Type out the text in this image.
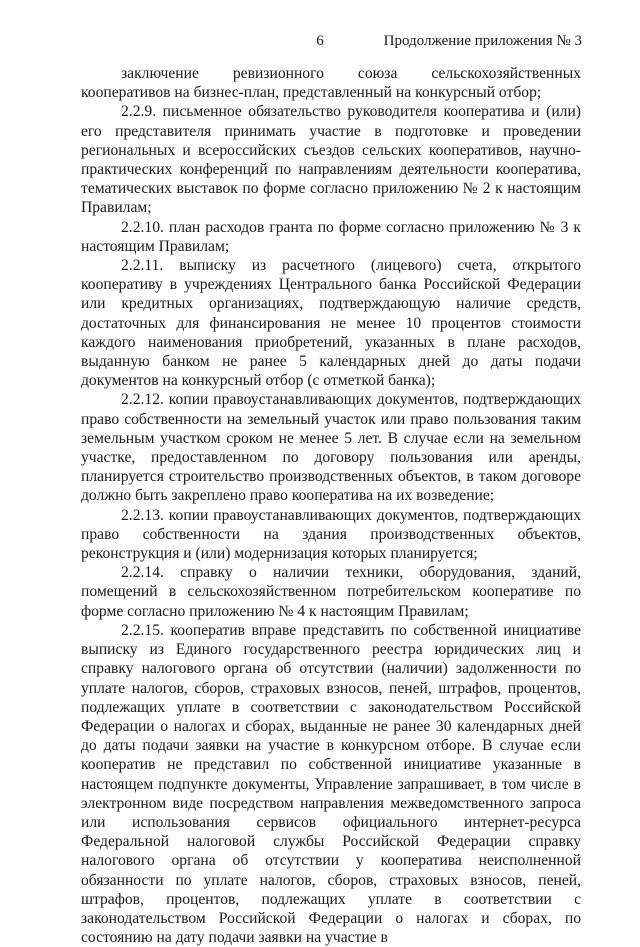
6	Продолжение приложения № 3

заключение ревизионного союза сельскохозяйственных кооперативов на бизнес-план, представленный на конкурсный отбор;

2.2.9. письменное обязательство руководителя кооператива и (или) его представителя принимать участие в подготовке и проведении региональных и всероссийских съездов сельских кооперативов, научно-практических конференций по направлениям деятельности кооператива, тематических выставок по форме согласно приложению № 2 к настоящим Правилам;

2.2.10. план расходов гранта по форме согласно приложению № 3 к настоящим Правилам;

2.2.11. выписку из расчетного (лицевого) счета, открытого кооперативу в учреждениях Центрального банка Российской Федерации или кредитных организациях, подтверждающую наличие средств, достаточных для финансирования не менее 10 процентов стоимости каждого наименования приобретений, указанных в плане расходов, выданную банком не ранее 5 календарных дней до даты подачи документов на конкурсный отбор (с отметкой банка);

2.2.12. копии правоустанавливающих документов, подтверждающих право собственности на земельный участок или право пользования таким земельным участком сроком не менее 5 лет. В случае если на земельном участке, предоставленном по договору пользования или аренды, планируется строительство производственных объектов, в таком договоре должно быть закреплено право кооператива на их возведение;

2.2.13. копии правоустанавливающих документов, подтверждающих право собственности на здания производственных объектов, реконструкция и (или) модернизация которых планируется;

2.2.14. справку о наличии техники, оборудования, зданий, помещений в сельскохозяйственном потребительском кооперативе по форме согласно приложению № 4 к настоящим Правилам;

2.2.15. кооператив вправе представить по собственной инициативе выписку из Единого государственного реестра юридических лиц и справку налогового органа об отсутствии (наличии) задолженности по уплате налогов, сборов, страховых взносов, пеней, штрафов, процентов, подлежащих уплате в соответствии с законодательством Российской Федерации о налогах и сборах, выданные не ранее 30 календарных дней до даты подачи заявки на участие в конкурсном отборе. В случае если кооператив не представил по собственной инициативе указанные в настоящем подпункте документы, Управление запрашивает, в том числе в электронном виде посредством направления межведомственного запроса или использования сервисов официального интернет-ресурса Федеральной налоговой службы Российской Федерации справку налогового органа об отсутствии у кооператива неисполненной обязанности по уплате налогов, сборов, страховых взносов, пеней, штрафов, процентов, подлежащих уплате в соответствии с законодательством Российской Федерации о налогах и сборах, по состоянию на дату подачи заявки на участие в
